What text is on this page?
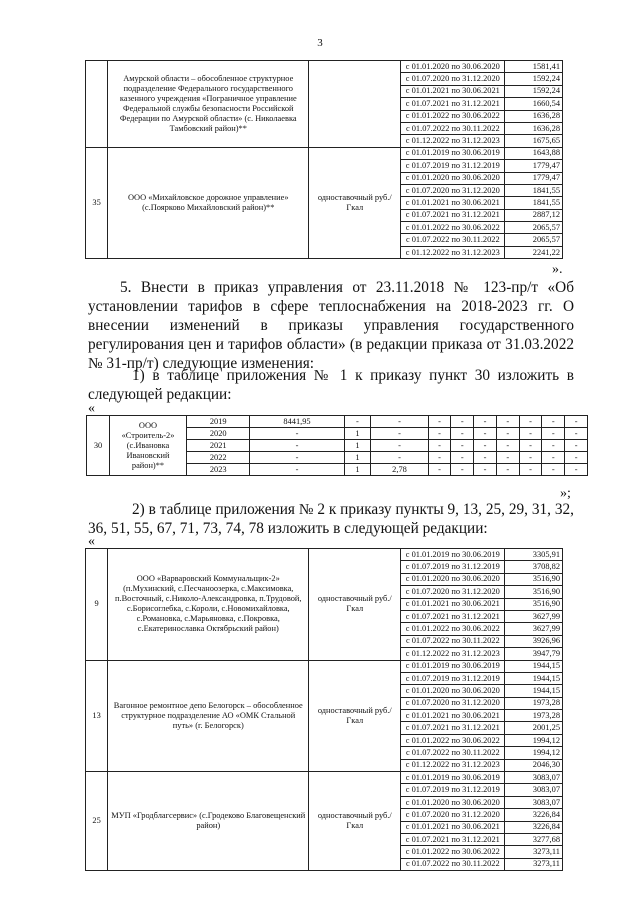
3
	Амурской области – обособленное структурное подразделение Федерального государственного казенного учреждения «Пограничное управление Федеральной службы безопасности Российской Федерации по Амурской области» (с. Николаевка Тамбовский район)**		с 01.01.2020 по 30.06.2020	1581,41
			с 01.07.2020 по 31.12.2020	1592,24
			с 01.01.2021 по 30.06.2021	1592,24
			с 01.07.2021 по 31.12.2021	1660,54
			с 01.01.2022 по 30.06.2022	1636,28
			с 01.07.2022 по 30.11.2022	1636,28
			с 01.12.2022 по 31.12.2023	1675,65
35	ООО «Михайловское дорожное управление» (с.Поярково Михайловский район)**	одноставочный руб./Гкал	с 01.01.2019 по 30.06.2019	1643,88
			с 01.07.2019 по 31.12.2019	1779,47
			с 01.01.2020 по 30.06.2020	1779,47
			с 01.07.2020 по 31.12.2020	1841,55
			с 01.01.2021 по 30.06.2021	1841,55
			с 01.07.2021 по 31.12.2021	2887,12
			с 01.01.2022 по 30.06.2022	2065,57
			с 01.07.2022 по 30.11.2022	2065,57
			с 01.12.2022 по 31.12.2023	2241,22
».
5. Внести в приказ управления от 23.11.2018 № 123-пр/т «Об установлении тарифов в сфере теплоснабжения на 2018-2023 гг. О внесении изменений в приказы управления государственного регулирования цен и тарифов области» (в редакции приказа от 31.03.2022 № 31-пр/т) следующие изменения:
1) в таблице приложения № 1 к приказу пункт 30 изложить в следующей редакции:
«
30	ООО «Строитель-2» (с.Ивановка Ивановский район)**	2019	8441,95	-	-	-	-	-	-	-	-	-
		2020	-	1	-	-	-	-	-	-	-	-
		2021	-	1	-	-	-	-	-	-	-	-
		2022	-	1	-	-	-	-	-	-	-	-
		2023	-	1	2,78	-	-	-	-	-	-	-
»;
2) в таблице приложения № 2 к приказу пункты 9, 13, 25, 29, 31, 32, 36, 51, 55, 67, 71, 73, 74, 78 изложить в следующей редакции:
«
9	ООО «Варваровский Коммунальщик-2» (п.Мухинский, с.Песчаноозерка, с.Максимовка, п.Восточный, с.Николо-Александровка, п.Трудовой, с.Борисоглебка, с.Короли, с.Новомихайловка, с.Романовка, с.Марьяновка, с.Покровка, с.Екатеринославка Октябрьский район)	одноставочный руб./Гкал	с 01.01.2019 по 30.06.2019	3305,91
			с 01.07.2019 по 31.12.2019	3708,82
			с 01.01.2020 по 30.06.2020	3516,90
			с 01.07.2020 по 31.12.2020	3516,90
			с 01.01.2021 по 30.06.2021	3516,90
			с 01.07.2021 по 31.12.2021	3627,99
			с 01.01.2022 по 30.06.2022	3627,99
			с 01.07.2022 по 30.11.2022	3926,96
			с 01.12.2022 по 31.12.2023	3947,79
13	Вагонное ремонтное депо Белогорск – обособленное структурное подразделение АО «ОМК Стальной путь» (г. Белогорск)	одноставочный руб./Гкал	с 01.01.2019 по 30.06.2019	1944,15
			с 01.07.2019 по 31.12.2019	1944,15
			с 01.01.2020 по 30.06.2020	1944,15
			с 01.07.2020 по 31.12.2020	1973,28
			с 01.01.2021 по 30.06.2021	1973,28
			с 01.07.2021 по 31.12.2021	2001,25
			с 01.01.2022 по 30.06.2022	1994,12
			с 01.07.2022 по 30.11.2022	1994,12
			с 01.12.2022 по 31.12.2023	2046,30
25	МУП «Гродблагсервис» (с.Гродеково Благовещенский район)	одноставочный руб./Гкал	с 01.01.2019 по 30.06.2019	3083,07
			с 01.07.2019 по 31.12.2019	3083,07
			с 01.01.2020 по 30.06.2020	3083,07
			с 01.07.2020 по 31.12.2020	3226,84
			с 01.01.2021 по 30.06.2021	3226,84
			с 01.07.2021 по 31.12.2021	3277,68
			с 01.01.2022 по 30.06.2022	3273,11
			с 01.07.2022 по 30.11.2022	3273,11
